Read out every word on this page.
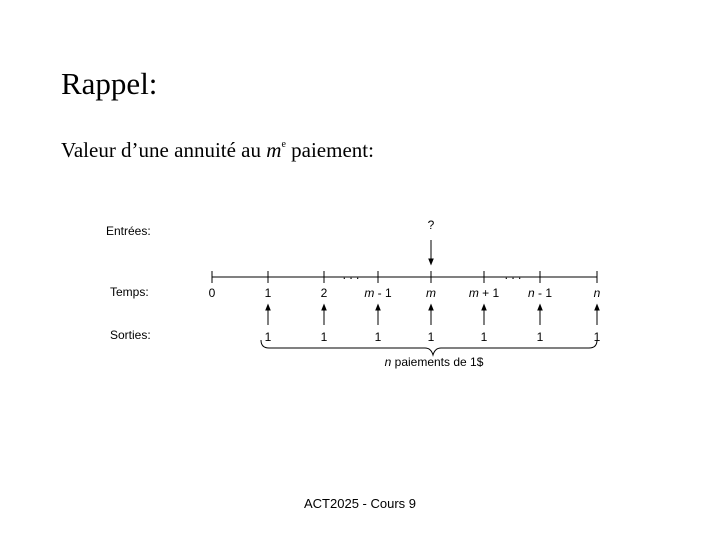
Rappel:
Valeur d’une annuité au $m^e$ paiement:
Entrées:
Temps:
Sorties:
?
. . .	. . .
0	1	2	m - 1	m	m + 1 n - 1	n
1	1	1	1	1	1	1
n paiements de 1$
ACT2025 - Cours 9
